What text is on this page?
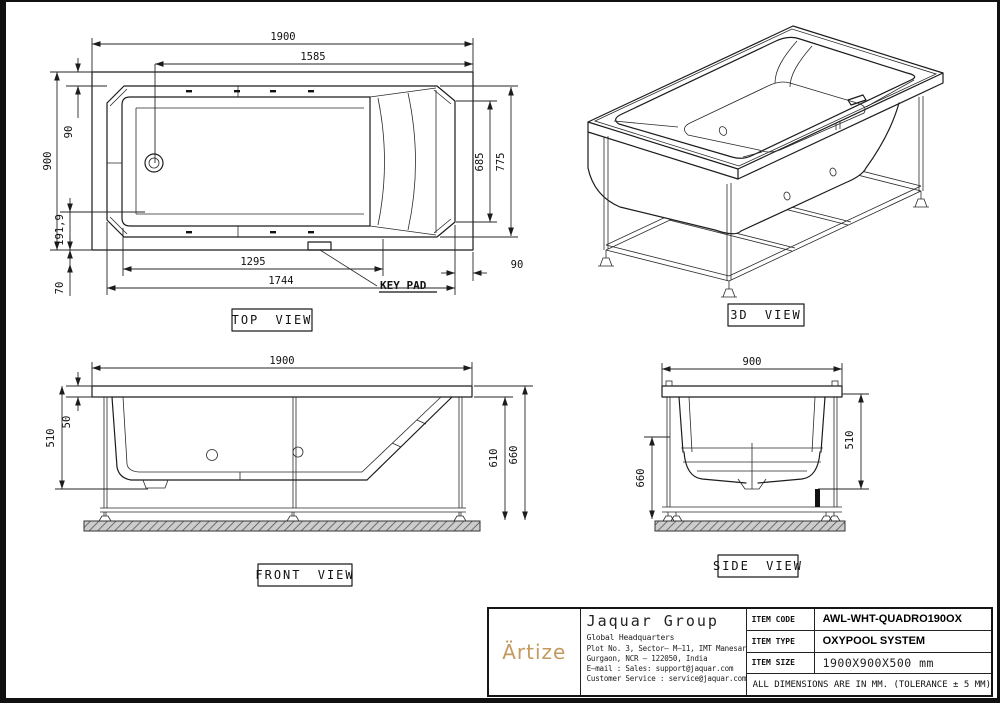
KEY PAD
1900
1585
900
90
191,9
70
685 775
1295
1744
90
TOP VIEW	3D VIEW
1900
50
510
610 660
FRONT VIEW
900
510
660
SIDE VIEW
Ärtize
Jaquar Group
Global Headquarters
Plot No. 3, Sector– M–11, IMT Manesar
Gurgaon, NCR – 122050, India
E–mail : Sales: support@jaquar.com
Customer Service : service@jaquar.com
ITEM CODE	AWL-WHT-QUADRO190OX
ITEM TYPE	OXYPOOL SYSTEM
ITEM SIZE	1900X900X500 mm
ALL DIMENSIONS ARE IN MM. (TOLERANCE ± 5 MM)
